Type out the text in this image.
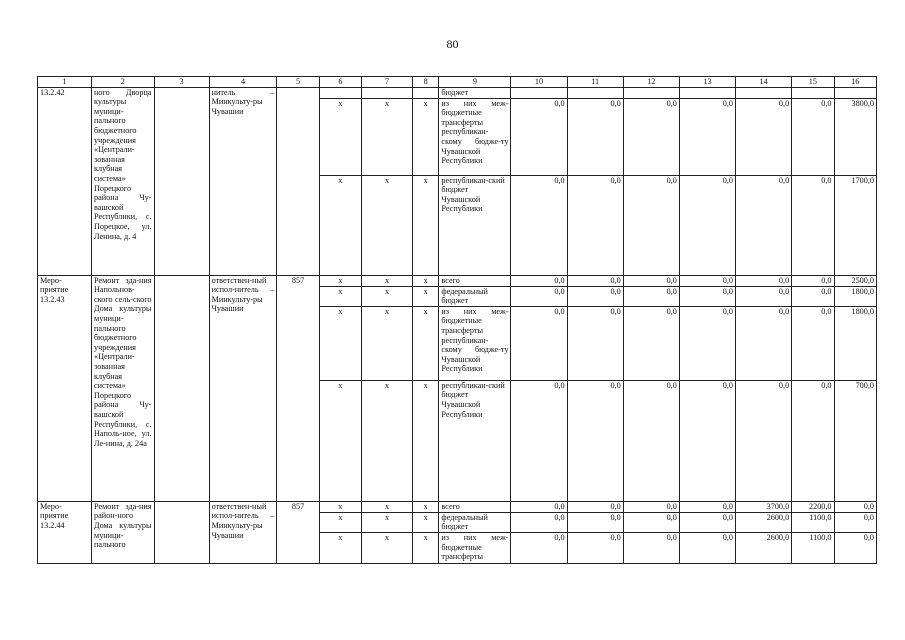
80
1	2	3	4	5	6	7	8	9	10	11	12	13	14	15	16
13.2.42	ного Дворца культуры муници-пального бюджетного учреждения «Централи-зованная клубная система» Порецкого района Чу-вашской Республики, с. Порецкое, ул. Ленина, д. 4		нитель – Минкульту-ры Чувашии					бюджет							
					х	х	х	из них меж-бюджетные трансферты республикан-скому бюдже-ту Чувашской Республики	0,0	0,0	0,0	0,0	0,0	0,0	3800,0
					х	х	х	республикан-ский бюджет Чувашской Республики	0,0	0,0	0,0	0,0	0,0	0,0	1700,0
Меро-приятие 13.2.43	Ремонт зда-ния Напольнов-ского сель-ского Дома культуры муници-пального бюджетного учреждения «Централи-зованная клубная система» Порецкого района Чу-вашской Республики, с. Наполь-ное, ул. Ле-нина, д. 24а		ответствен-ный испол-нитель – Минкульту-ры Чувашии	857	х	х	х	всего	0,0	0,0	0,0	0,0	0,0	0,0	2500,0
					х	х	х	федеральный бюджет	0,0	0,0	0,0	0,0	0,0	0,0	1800,0
					х	х	х	из них меж-бюджетные трансферты республикан-скому бюдже-ту Чувашской Республики	0,0	0,0	0,0	0,0	0,0	0,0	1800,0
					х	х	х	республикан-ский бюджет Чувашской Республики	0,0	0,0	0,0	0,0	0,0	0,0	700,0
Меро-приятие 13.2.44	Ремонт зда-ния район-ного Дома культуры муници-пального		ответствен-ный испол-нитель – Минкульту-ры Чувашии	857	х	х	х	всего	0,0	0,0	0,0	0,0	3700,0	2200,0	0,0
					х	х	х	федеральный бюджет	0,0	0,0	0,0	0,0	2600,0	1100,0	0,0
					х	х	х	из них меж-бюджетные трансферты	0,0	0,0	0,0	0,0	2600,0	1100,0	0,0
